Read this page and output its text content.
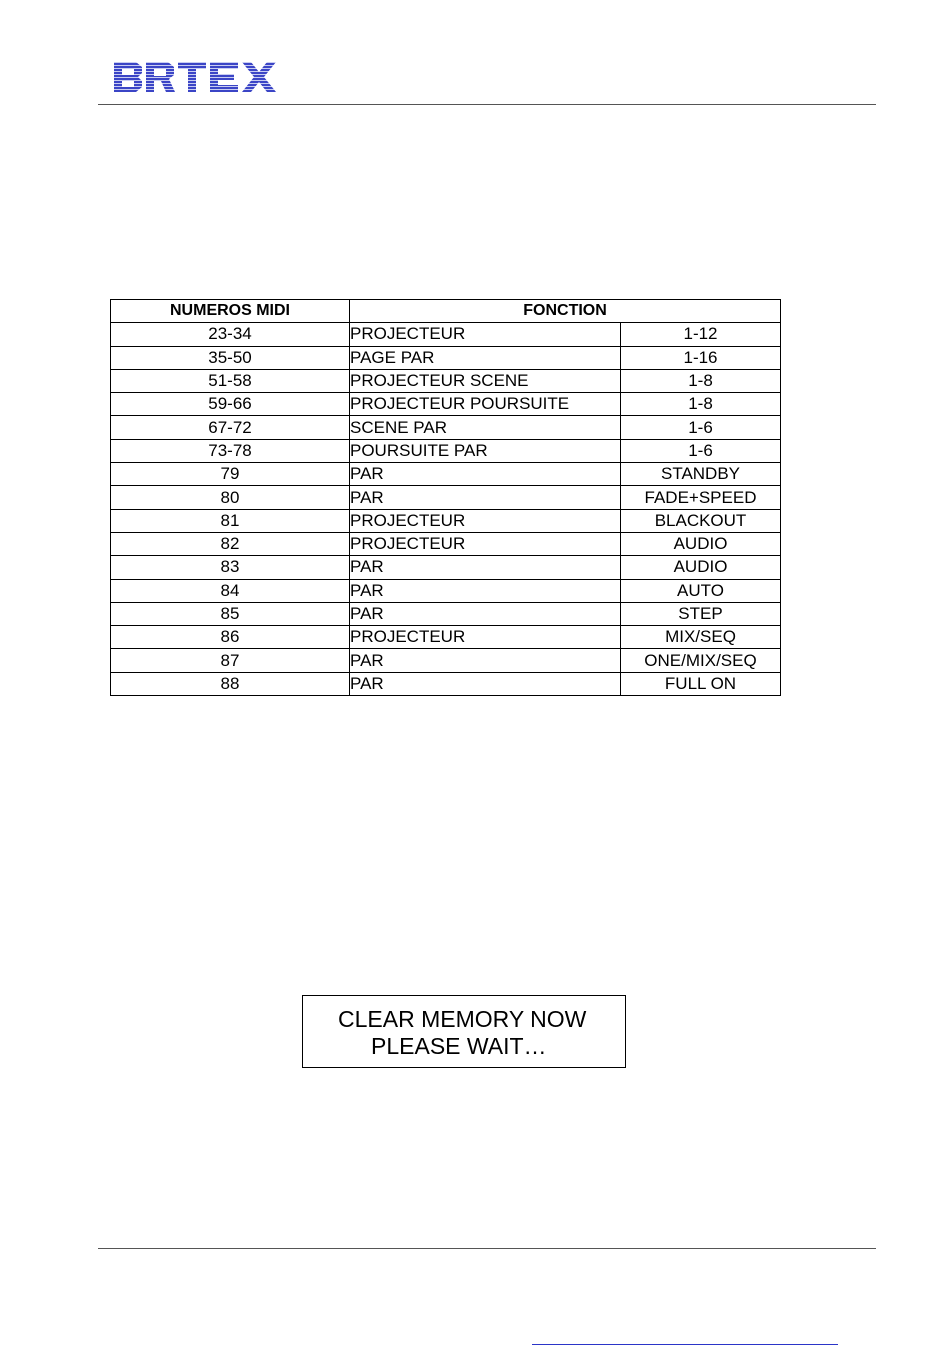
NUMEROS MIDI	FONCTION	
23-34	PROJECTEUR	1-12
35-50	PAGE PAR	1-16
51-58	PROJECTEUR SCENE	1-8
59-66	PROJECTEUR POURSUITE	1-8
67-72	SCENE PAR	1-6
73-78	POURSUITE PAR	1-6
79	PAR	STANDBY
80	PAR	FADE+SPEED
81	PROJECTEUR	BLACKOUT
82	PROJECTEUR	AUDIO
83	PAR	AUDIO
84	PAR	AUTO
85	PAR	STEP
86	PROJECTEUR	MIX/SEQ
87	PAR	ONE/MIX/SEQ
88	PAR	FULL ON
CLEAR MEMORY NOW
PLEASE WAIT…
